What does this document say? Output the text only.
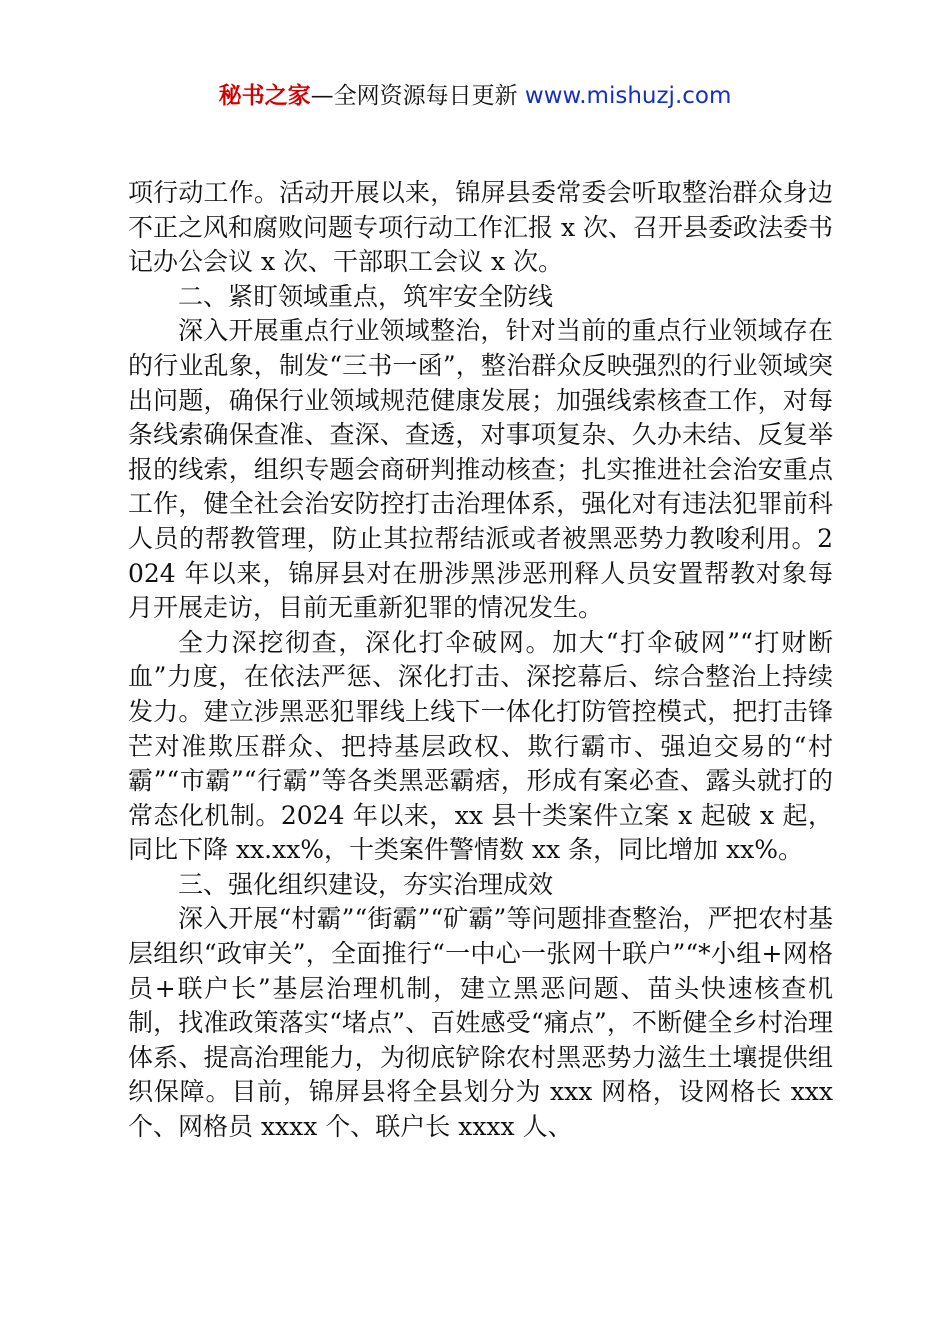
秘书之家—全网资源每日更新 www.mishuzj.com

项行动工作。活动开展以来，锦屏县委常委会听取整治群众身边不正之风和腐败问题专项行动工作汇报 x 次、召开县委政法委书记办公会议 x 次、干部职工会议 x 次。

二、紧盯领域重点，筑牢安全防线

深入开展重点行业领域整治，针对当前的重点行业领域存在的行业乱象，制发“三书一函”，整治群众反映强烈的行业领域突出问题，确保行业领域规范健康发展；加强线索核查工作，对每条线索确保查准、查深、查透，对事项复杂、久办未结、反复举报的线索，组织专题会商研判推动核查；扎实推进社会治安重点工作，健全社会治安防控打击治理体系，强化对有违法犯罪前科人员的帮教管理，防止其拉帮结派或者被黑恶势力教唆利用。2024 年以来，锦屏县对在册涉黑涉恶刑释人员安置帮教对象每月开展走访，目前无重新犯罪的情况发生。

全力深挖彻查，深化打伞破网。加大“打伞破网”“打财断血”力度，在依法严惩、深化打击、深挖幕后、综合整治上持续发力。建立涉黑恶犯罪线上线下一体化打防管控模式，把打击锋芒对准欺压群众、把持基层政权、欺行霸市、强迫交易的“村霸”“市霸”“行霸”等各类黑恶霸痞，形成有案必查、露头就打的常态化机制。2024 年以来，xx 县十类案件立案 x 起破 x 起，同比下降 xx.xx%，十类案件警情数 xx 条，同比增加 xx%。

三、强化组织建设，夯实治理成效

深入开展“村霸”“街霸”“矿霸”等问题排查整治，严把农村基层组织“政审关”，全面推行“一中心一张网十联户”“*小组+网格员+联户长”基层治理机制，建立黑恶问题、苗头快速核查机制，找准政策落实“堵点”、百姓感受“痛点”，不断健全乡村治理体系、提高治理能力，为彻底铲除农村黑恶势力滋生土壤提供组织保障。目前，锦屏县将全县划分为 xxx 网格，设网格长 xxx 个、网格员 xxxx 个、联户长 xxxx 人、
